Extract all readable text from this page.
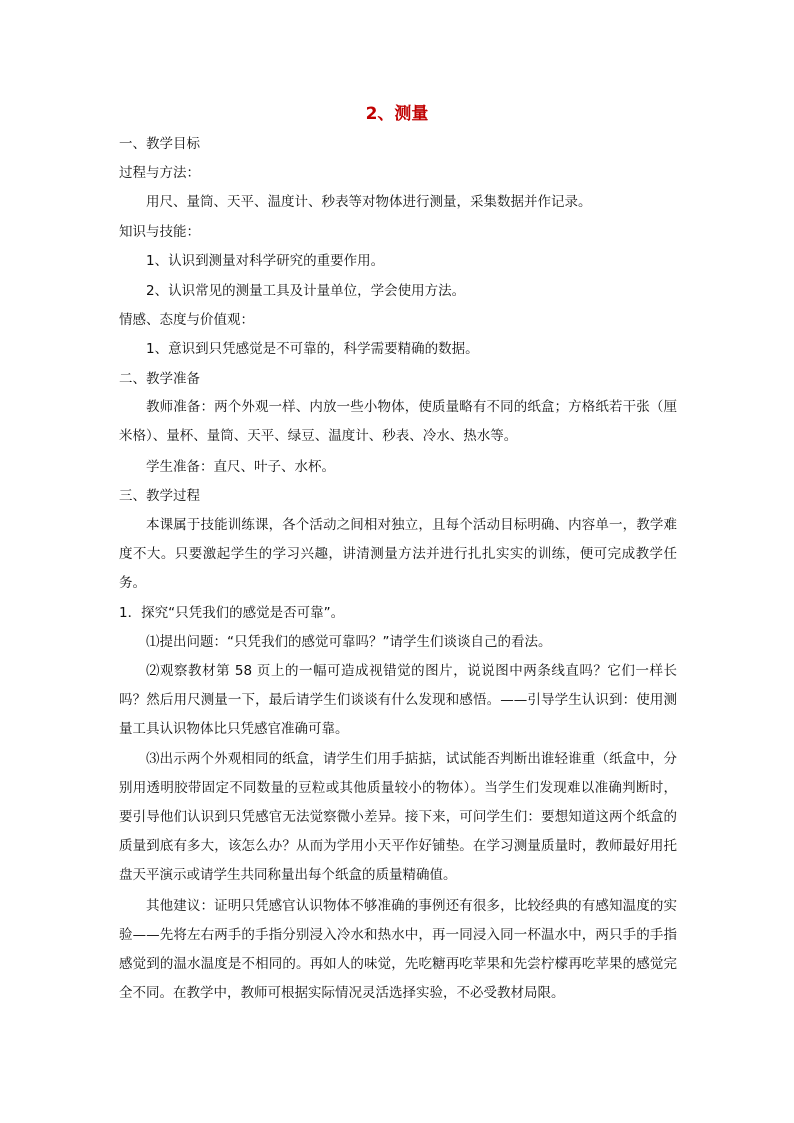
2、测量

一、教学目标

过程与方法：

用尺、量筒、天平、温度计、秒表等对物体进行测量，采集数据并作记录。

知识与技能：

1、认识到测量对科学研究的重要作用。

2、认识常见的测量工具及计量单位，学会使用方法。

情感、态度与价值观：

1、意识到只凭感觉是不可靠的，科学需要精确的数据。

二、教学准备

教师准备：两个外观一样、内放一些小物体，使质量略有不同的纸盒；方格纸若干张（厘米格）、量杯、量筒、天平、绿豆、温度计、秒表、冷水、热水等。

学生准备：直尺、叶子、水杯。

三、教学过程

本课属于技能训练课，各个活动之间相对独立，且每个活动目标明确、内容单一，教学难度不大。只要激起学生的学习兴趣，讲清测量方法并进行扎扎实实的训练，便可完成教学任务。

1．探究“只凭我们的感觉是否可靠”。

⑴提出问题：“只凭我们的感觉可靠吗？”请学生们谈谈自己的看法。

⑵观察教材第 58 页上的一幅可造成视错觉的图片，说说图中两条线直吗？它们一样长吗？然后用尺测量一下，最后请学生们谈谈有什么发现和感悟。——引导学生认识到：使用测量工具认识物体比只凭感官准确可靠。

⑶出示两个外观相同的纸盒，请学生们用手掂掂，试试能否判断出谁轻谁重（纸盒中，分别用透明胶带固定不同数量的豆粒或其他质量较小的物体）。当学生们发现难以准确判断时，要引导他们认识到只凭感官无法觉察微小差异。接下来，可问学生们：要想知道这两个纸盒的质量到底有多大，该怎么办？从而为学用小天平作好铺垫。在学习测量质量时，教师最好用托盘天平演示或请学生共同称量出每个纸盒的质量精确值。

其他建议：证明只凭感官认识物体不够准确的事例还有很多，比较经典的有感知温度的实验——先将左右两手的手指分别浸入冷水和热水中，再一同浸入同一杯温水中，两只手的手指感觉到的温水温度是不相同的。再如人的味觉，先吃糖再吃苹果和先尝柠檬再吃苹果的感觉完全不同。在教学中，教师可根据实际情况灵活选择实验，不必受教材局限。
